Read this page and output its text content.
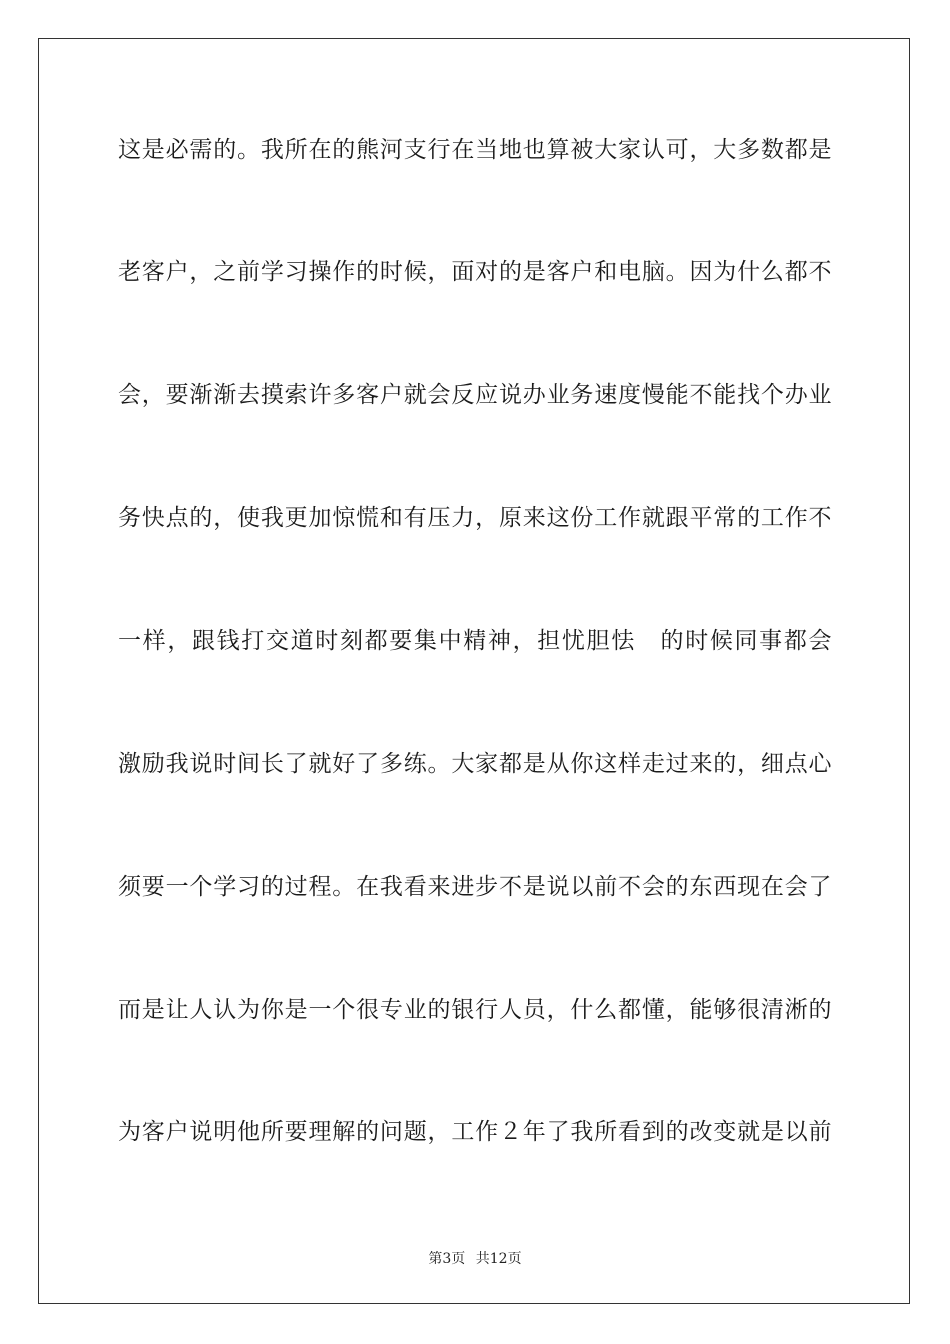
这是必需的。我所在的熊河支行在当地也算被大家认可，大多数都是
老客户，之前学习操作的时候，面对的是客户和电脑。因为什么都不
会，要渐渐去摸索许多客户就会反应说办业务速度慢能不能找个办业
务快点的，使我更加惊慌和有压力，原来这份工作就跟平常的工作不
一样，跟钱打交道时刻都要集中精神，担忧胆怯　的时候同事都会
激励我说时间长了就好了多练。大家都是从你这样走过来的，细点心
须要一个学习的过程。在我看来进步不是说以前不会的东西现在会了
而是让人认为你是一个很专业的银行人员，什么都懂，能够很清淅的
为客户说明他所要理解的问题，工作２年了我所看到的改变就是以前
第3页 共12页
